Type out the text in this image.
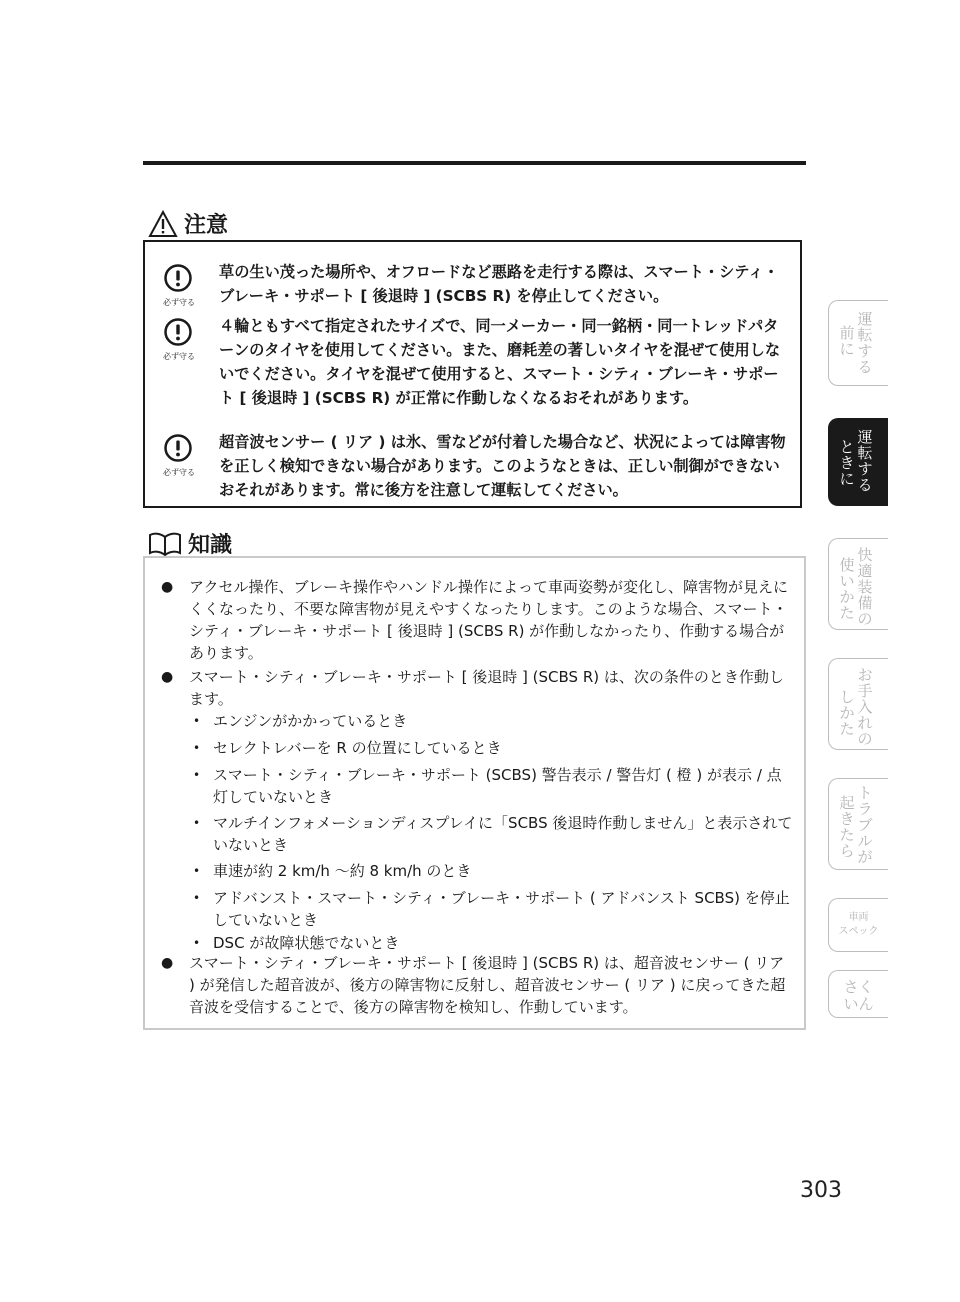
注意
必ず守る
草の生い茂った場所や、オフロードなど悪路を走行する際は、スマート・シティ・ブレーキ・サポート [ 後退時 ] (SCBS R) を停止してください。
必ず守る
４輪ともすべて指定されたサイズで、同一メーカー・同一銘柄・同一トレッドパターンのタイヤを使用してください。また、磨耗差の著しいタイヤを混ぜて使用しないでください。タイヤを混ぜて使用すると、スマート・シティ・ブレーキ・サポート [ 後退時 ] (SCBS R) が正常に作動しなくなるおそれがあります。
必ず守る
超音波センサー ( リア ) は氷、雪などが付着した場合など、状況によっては障害物を正しく検知できない場合があります。このようなときは、正しい制御ができないおそれがあります。常に後方を注意して運転してください。
知識
● アクセル操作、ブレーキ操作やハンドル操作によって車両姿勢が変化し、障害物が見えにくくなったり、不要な障害物が見えやすくなったりします。このような場合、スマート・シティ・ブレーキ・サポート [ 後退時 ] (SCBS R) が作動しなかったり、作動する場合があります。
● スマート・シティ・ブレーキ・サポート [ 後退時 ] (SCBS R) は、次の条件のとき作動します。
• エンジンがかかっているとき
• セレクトレバーを R の位置にしているとき
• スマート・シティ・ブレーキ・サポート (SCBS) 警告表示 / 警告灯 ( 橙 ) が表示 / 点灯していないとき
• マルチインフォメーションディスプレイに「SCBS 後退時作動しません」と表示されていないとき
• 車速が約 2 km/h ～約 8 km/h のとき
• アドバンスト・スマート・シティ・ブレーキ・サポート ( アドバンスト SCBS) を停止していないとき
• DSC が故障状態でないとき
● スマート・シティ・ブレーキ・サポート [ 後退時 ] (SCBS R) は、超音波センサー ( リア ) が発信した超音波が、後方の障害物に反射し、超音波センサー ( リア ) に戻ってきた超音波を受信することで、後方の障害物を検知し、作動しています。
前
に
運
転
す
る
と
き
に
運
転
す
る
使
い
か
た
快
適
装
備
の
し
か
た
お
手
入
れ
の
起
き
た
ら
ト
ラ
ブ
ル
が
車両
スペック
さく
いん
303
